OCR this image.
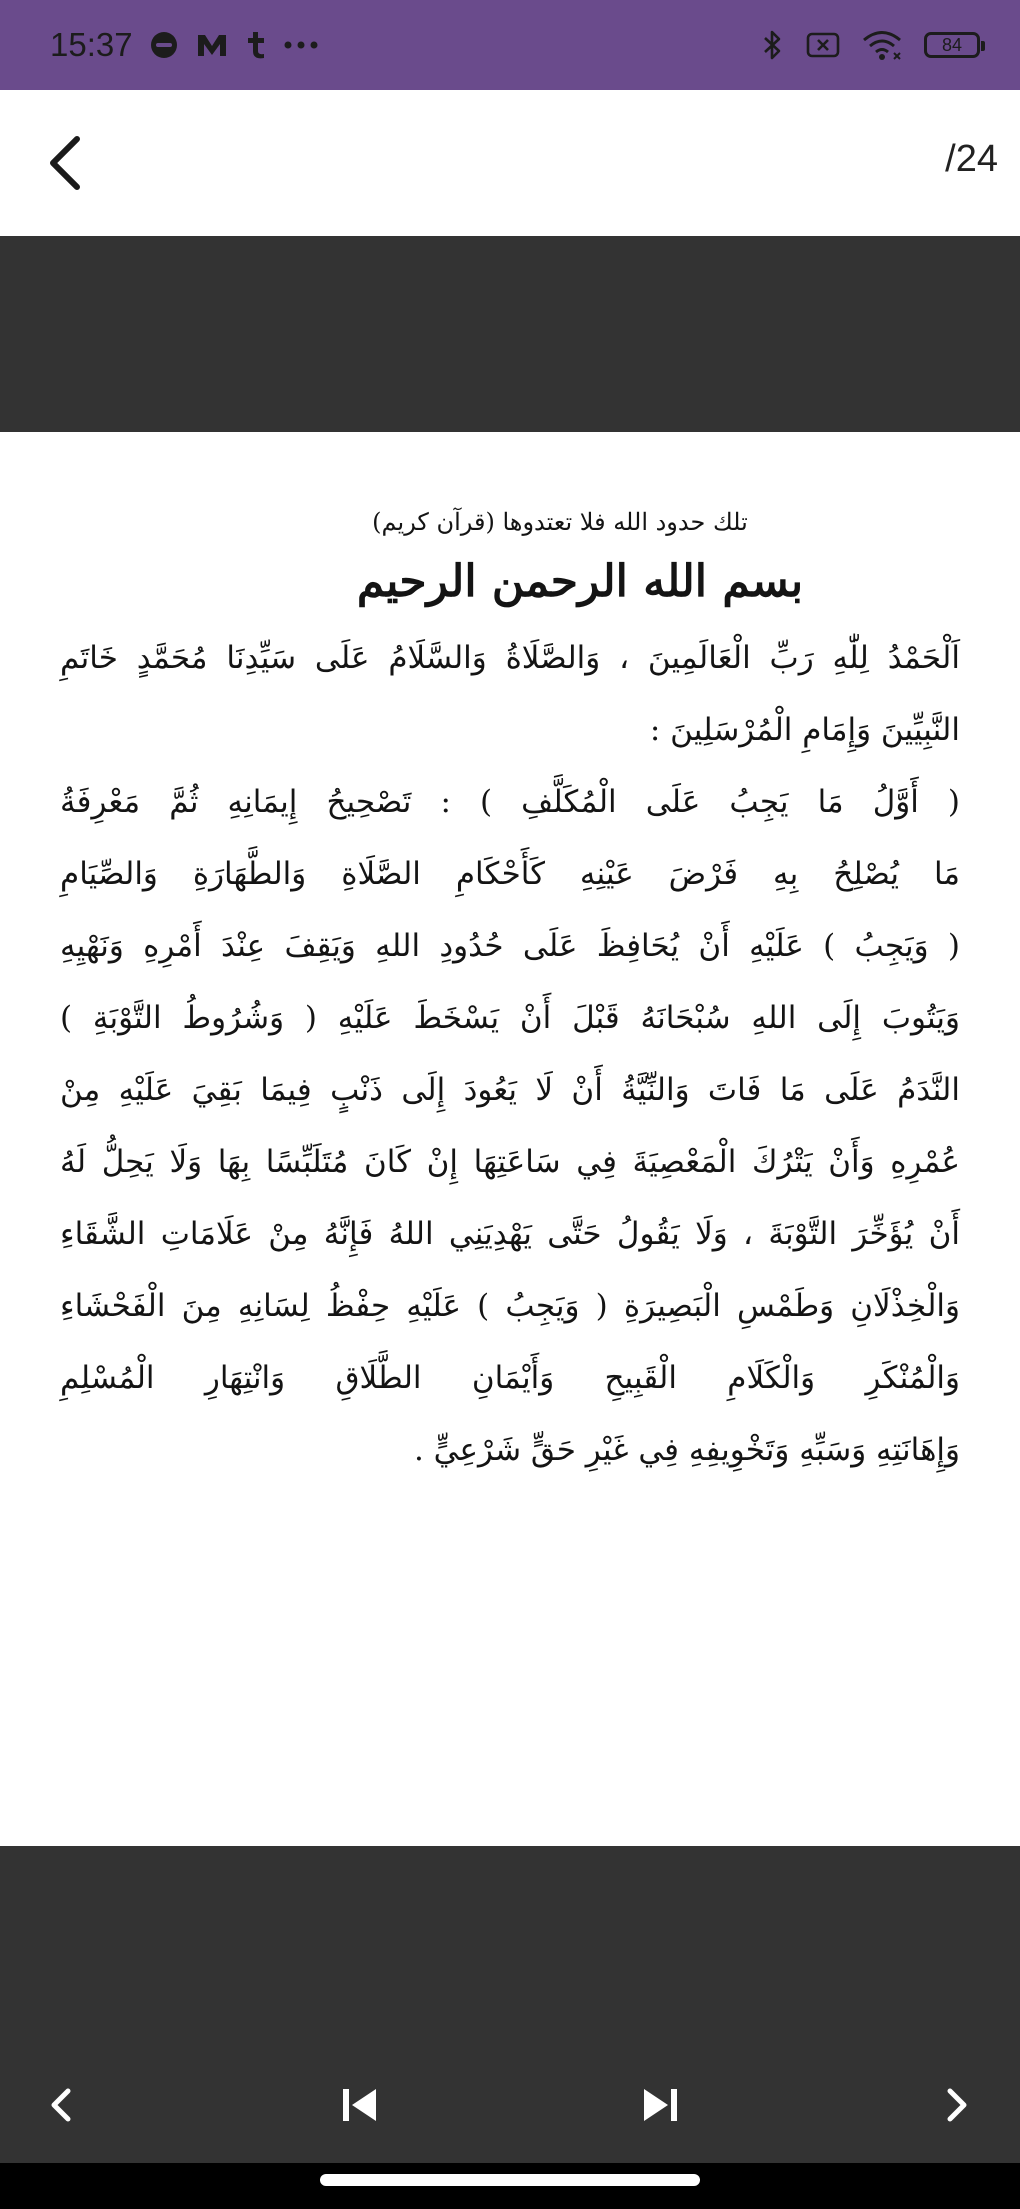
15:37	84
/24
تلك حدود الله فلا تعتدوها (قرآن كريم)
بسم الله الرحمن الرحيم
اَلْحَمْدُ لِلّٰهِ رَبِّ الْعَالَمِينَ ، وَالصَّلَاةُ وَالسَّلَامُ عَلَى سَيِّدِنَا مُحَمَّدٍ خَاتَمِ
النَّبِيِّينَ وَإِمَامِ الْمُرْسَلِينَ :
( أَوَّلُ مَا يَجِبُ عَلَى الْمُكَلَّفِ ) : تَصْحِيحُ إِيمَانِهِ ثُمَّ مَعْرِفَةُ
مَا يُصْلِحُ بِهِ فَرْضَ عَيْنِهِ كَأَحْكَامِ الصَّلَاةِ وَالطَّهَارَةِ وَالصِّيَامِ
( وَيَجِبُ ) عَلَيْهِ أَنْ يُحَافِظَ عَلَى حُدُودِ اللهِ وَيَقِفَ عِنْدَ أَمْرِهِ وَنَهْيِهِ
وَيَتُوبَ إِلَى اللهِ سُبْحَانَهُ قَبْلَ أَنْ يَسْخَطَ عَلَيْهِ ( وَشُرُوطُ التَّوْبَةِ )
النَّدَمُ عَلَى مَا فَاتَ وَالنِّيَّةُ أَنْ لَا يَعُودَ إِلَى ذَنْبٍ فِيمَا بَقِيَ عَلَيْهِ مِنْ
عُمْرِهِ وَأَنْ يَتْرُكَ الْمَعْصِيَةَ فِي سَاعَتِهَا إِنْ كَانَ مُتَلَبِّسًا بِهَا وَلَا يَحِلُّ لَهُ
أَنْ يُؤَخِّرَ التَّوْبَةَ ، وَلَا يَقُولُ حَتَّى يَهْدِيَنِي اللهُ فَإِنَّهُ مِنْ عَلَامَاتِ الشَّقَاءِ
وَالْخِذْلَانِ وَطَمْسِ الْبَصِيرَةِ ( وَيَجِبُ ) عَلَيْهِ حِفْظُ لِسَانِهِ مِنَ الْفَحْشَاءِ
وَالْمُنْكَرِ وَالْكَلَامِ الْقَبِيحِ وَأَيْمَانِ الطَّلَاقِ وَانْتِهَارِ الْمُسْلِمِ
وَإِهَانَتِهِ وَسَبِّهِ وَتَخْوِيفِهِ فِي غَيْرِ حَقٍّ شَرْعِيٍّ .
